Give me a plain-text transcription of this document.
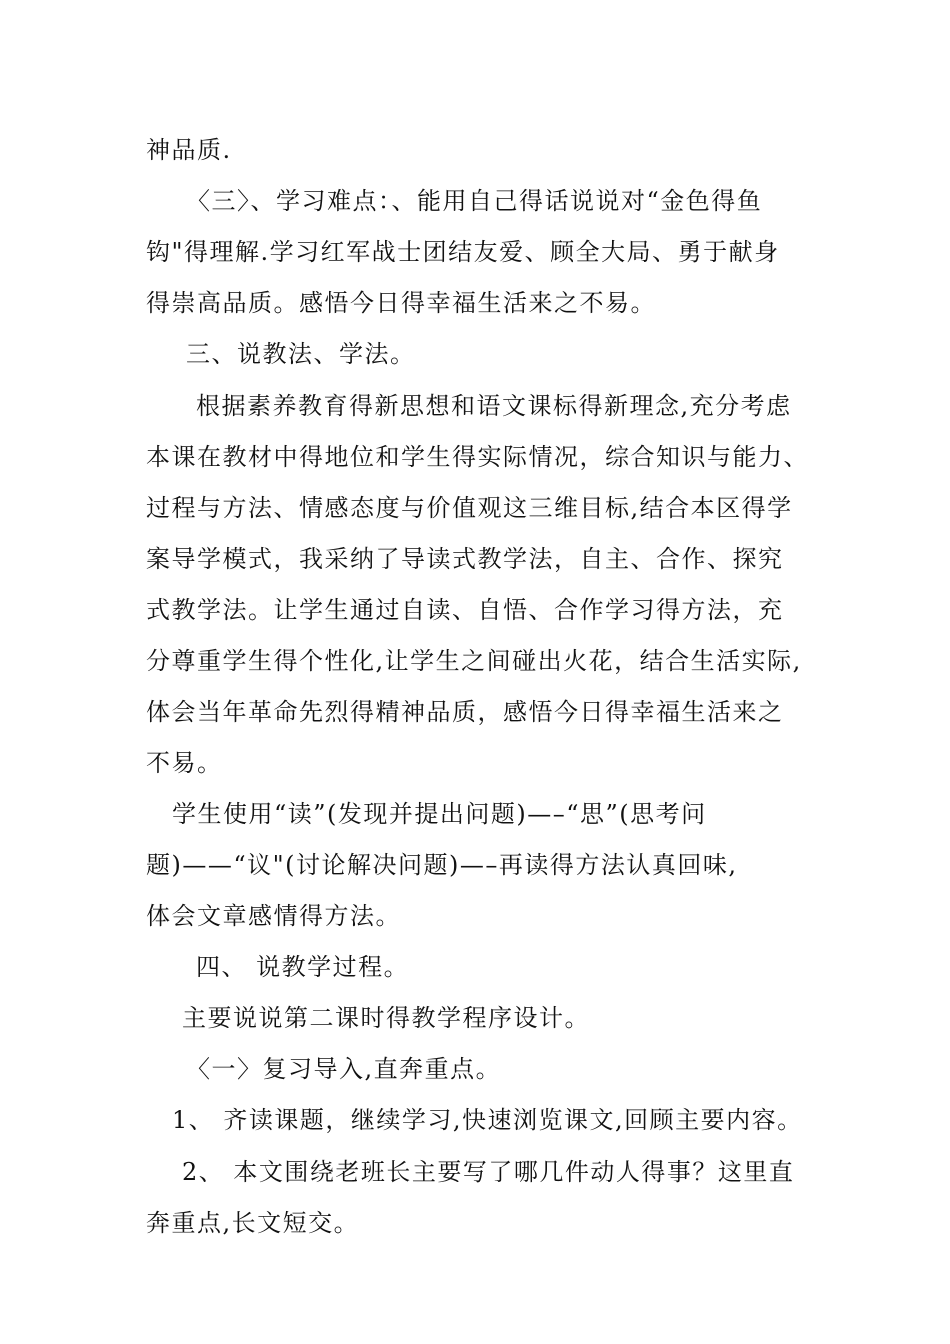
神品质.
〈三〉、学习难点：、能用自己得话说说对“金色得鱼
钩"得理解.学习红军战士团结友爱、顾全大局、勇于献身
得崇高品质。感悟今日得幸福生活来之不易。
三、说教法、学法。
根据素养教育得新思想和语文课标得新理念,充分考虑
本课在教材中得地位和学生得实际情况，综合知识与能力、
过程与方法、情感态度与价值观这三维目标,结合本区得学
案导学模式，我采纳了导读式教学法，自主、合作、探究
式教学法。让学生通过自读、自悟、合作学习得方法，充
分尊重学生得个性化,让学生之间碰出火花，结合生活实际,
体会当年革命先烈得精神品质，感悟今日得幸福生活来之
不易。
学生使用“读”(发现并提出问题)—–“思”(思考问
题)——“议"(讨论解决问题)—–再读得方法认真回味,
体会文章感情得方法。
四、 说教学过程。
主要说说第二课时得教学程序设计。
〈一〉复习导入,直奔重点。
1、 齐读课题，继续学习,快速浏览课文,回顾主要内容。
2、 本文围绕老班长主要写了哪几件动人得事？这里直
奔重点,长文短交。
